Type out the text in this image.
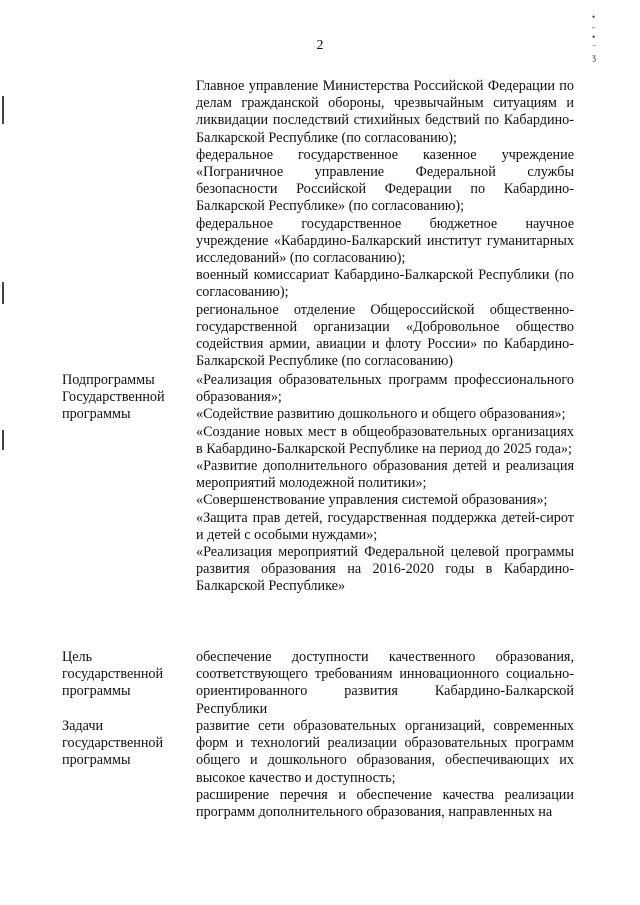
•
-
•
⁻
ʒ
2

Главное управление Министерства Российской Федерации по делам гражданской обороны, чрезвычайным ситуациям и ликвидации последствий стихийных бедствий по Кабардино-Балкарской Республике (по согласованию);

федеральное государственное казенное учреждение «Пограничное управление Федеральной службы безопасности Российской Федерации по Кабардино-Балкарской Республике» (по согласованию);

федеральное государственное бюджетное научное учреждение «Кабардино-Балкарский институт гуманитарных исследований» (по согласованию);

военный комиссариат Кабардино-Балкарской Республики (по согласованию);

региональное отделение Общероссийской общественно-государственной организации «Добровольное общество содействия армии, авиации и флоту России» по Кабардино-Балкарской Республике (по согласованию)

Подпрограммы Государственной программы

«Реализация образовательных программ профессионального образования»;

«Содействие развитию дошкольного и общего образования»;

«Создание новых мест в общеобразовательных организациях в Кабардино-Балкарской Республике на период до 2025 года»;

«Развитие дополнительного образования детей и реализация мероприятий молодежной политики»;

«Совершенствование управления системой образования»;

«Защита прав детей, государственная поддержка детей-сирот и детей с особыми нуждами»;

«Реализация мероприятий Федеральной целевой программы развития образования на 2016-2020 годы в Кабардино-Балкарской Республике»

Цель государственной программы

обеспечение доступности качественного образования, соответствующего требованиям инновационного социально-ориентированного развития Кабардино-Балкарской Республики

Задачи государственной программы

развитие сети образовательных организаций, современных форм и технологий реализации образовательных программ общего и дошкольного образования, обеспечивающих их высокое качество и доступность;

расширение перечня и обеспечение качества реализации программ дополнительного образования, направленных на
